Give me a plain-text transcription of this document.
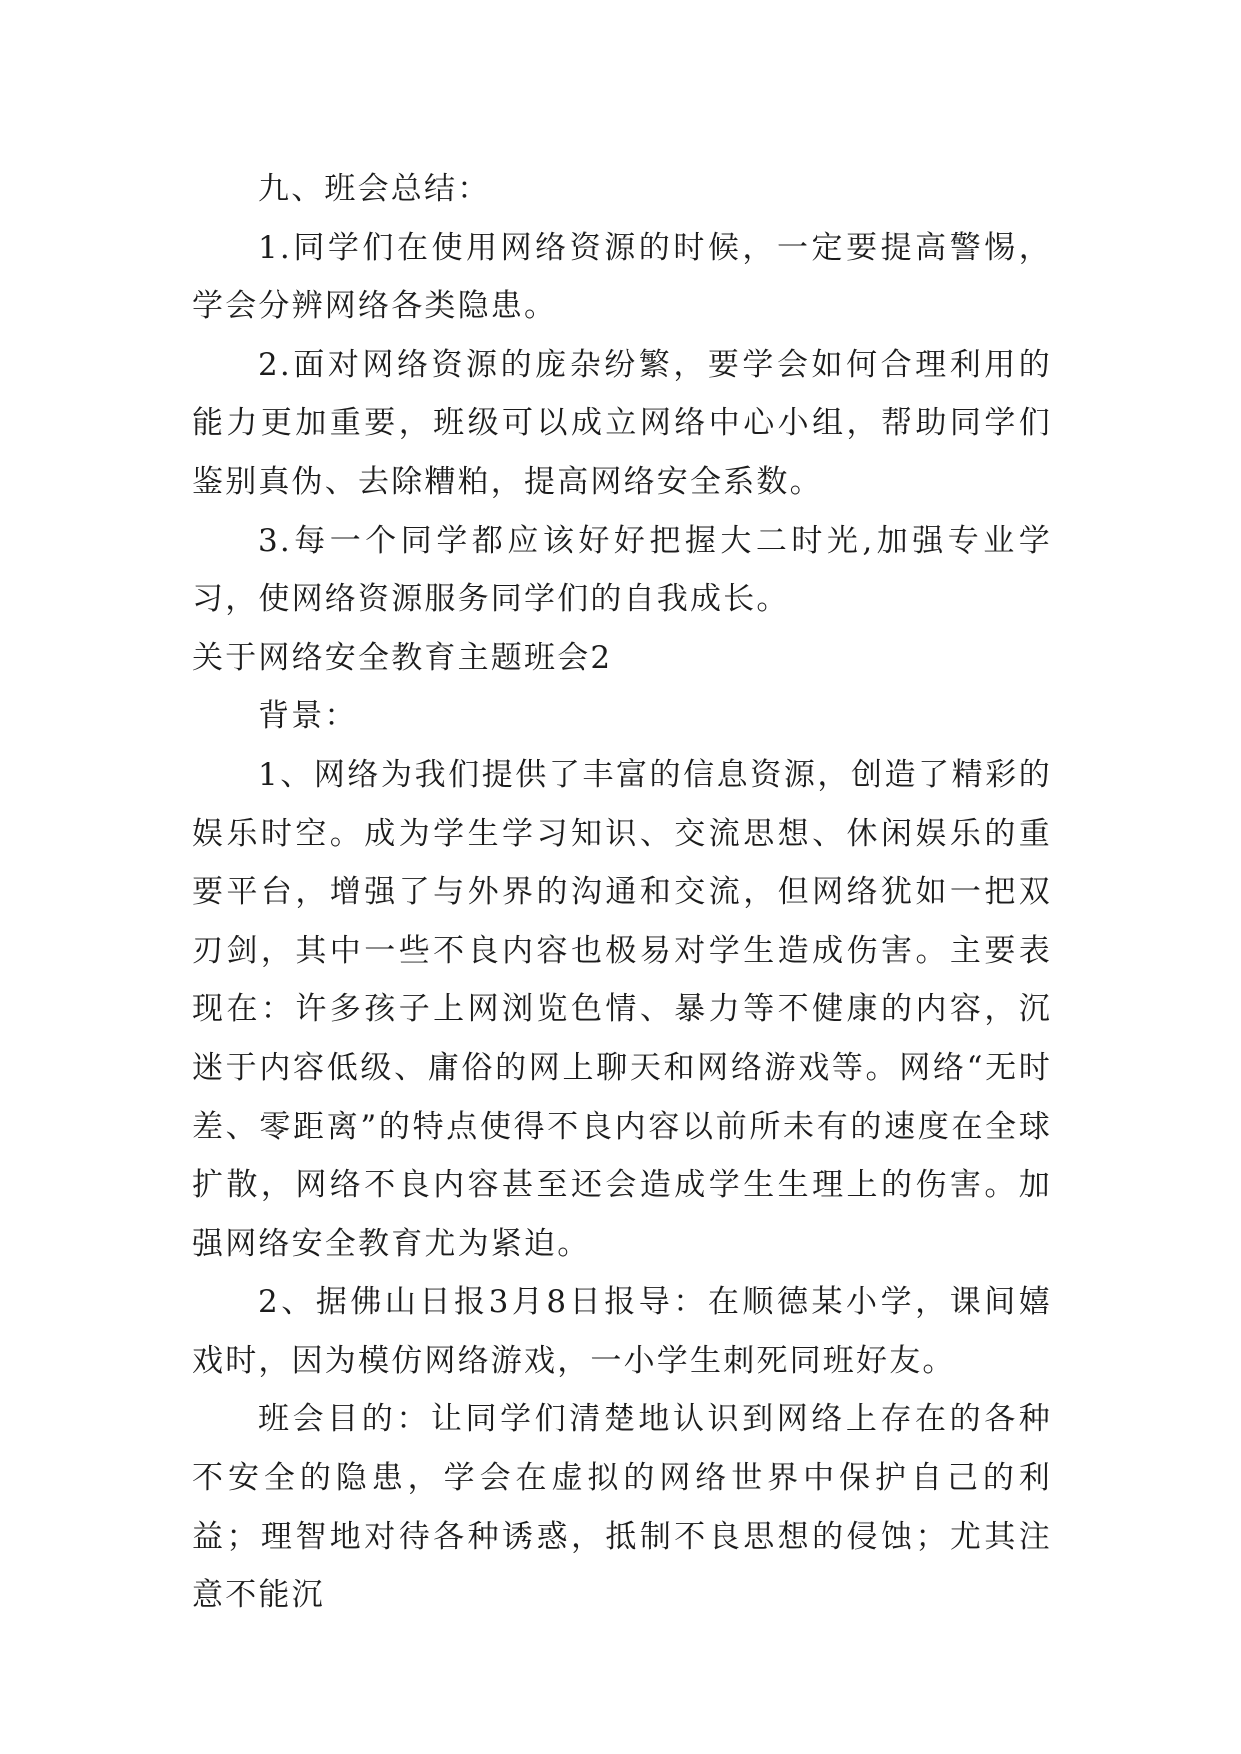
九、班会总结：

1.同学们在使用网络资源的时候，一定要提高警惕，学会分辨网络各类隐患。

2.面对网络资源的庞杂纷繁，要学会如何合理利用的能力更加重要，班级可以成立网络中心小组，帮助同学们鉴别真伪、去除糟粕，提高网络安全系数。

3.每一个同学都应该好好把握大二时光,加强专业学习，使网络资源服务同学们的自我成长。

关于网络安全教育主题班会2

背景：

1、网络为我们提供了丰富的信息资源，创造了精彩的娱乐时空。成为学生学习知识、交流思想、休闲娱乐的重要平台，增强了与外界的沟通和交流，但网络犹如一把双刃剑，其中一些不良内容也极易对学生造成伤害。主要表现在：许多孩子上网浏览色情、暴力等不健康的内容，沉迷于内容低级、庸俗的网上聊天和网络游戏等。网络“无时差、零距离”的特点使得不良内容以前所未有的速度在全球扩散，网络不良内容甚至还会造成学生生理上的伤害。加强网络安全教育尤为紧迫。

2、据佛山日报3月8日报导：在顺德某小学，课间嬉戏时，因为模仿网络游戏，一小学生刺死同班好友。

班会目的：让同学们清楚地认识到网络上存在的各种不安全的隐患，学会在虚拟的网络世界中保护自己的利益；理智地对待各种诱惑，抵制不良思想的侵蚀；尤其注意不能沉
